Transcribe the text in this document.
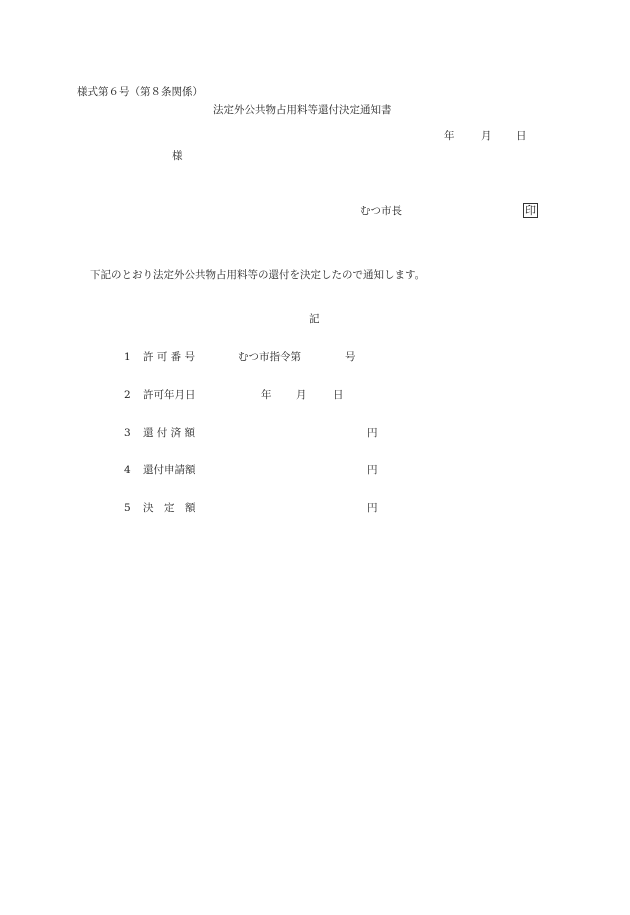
様式第６号（第８条関係）
法定外公共物占用料等還付決定通知書
年	月 日
様
むつ市長	印
下記のとおり法定外公共物占用料等の還付を決定したので通知します。
記
1 許 可 番 号	むつ市指令第	号
2 許可年月日	年 月	日
3 還 付 済 額	円
4 還付申請額	円
5 決　定　額	円
